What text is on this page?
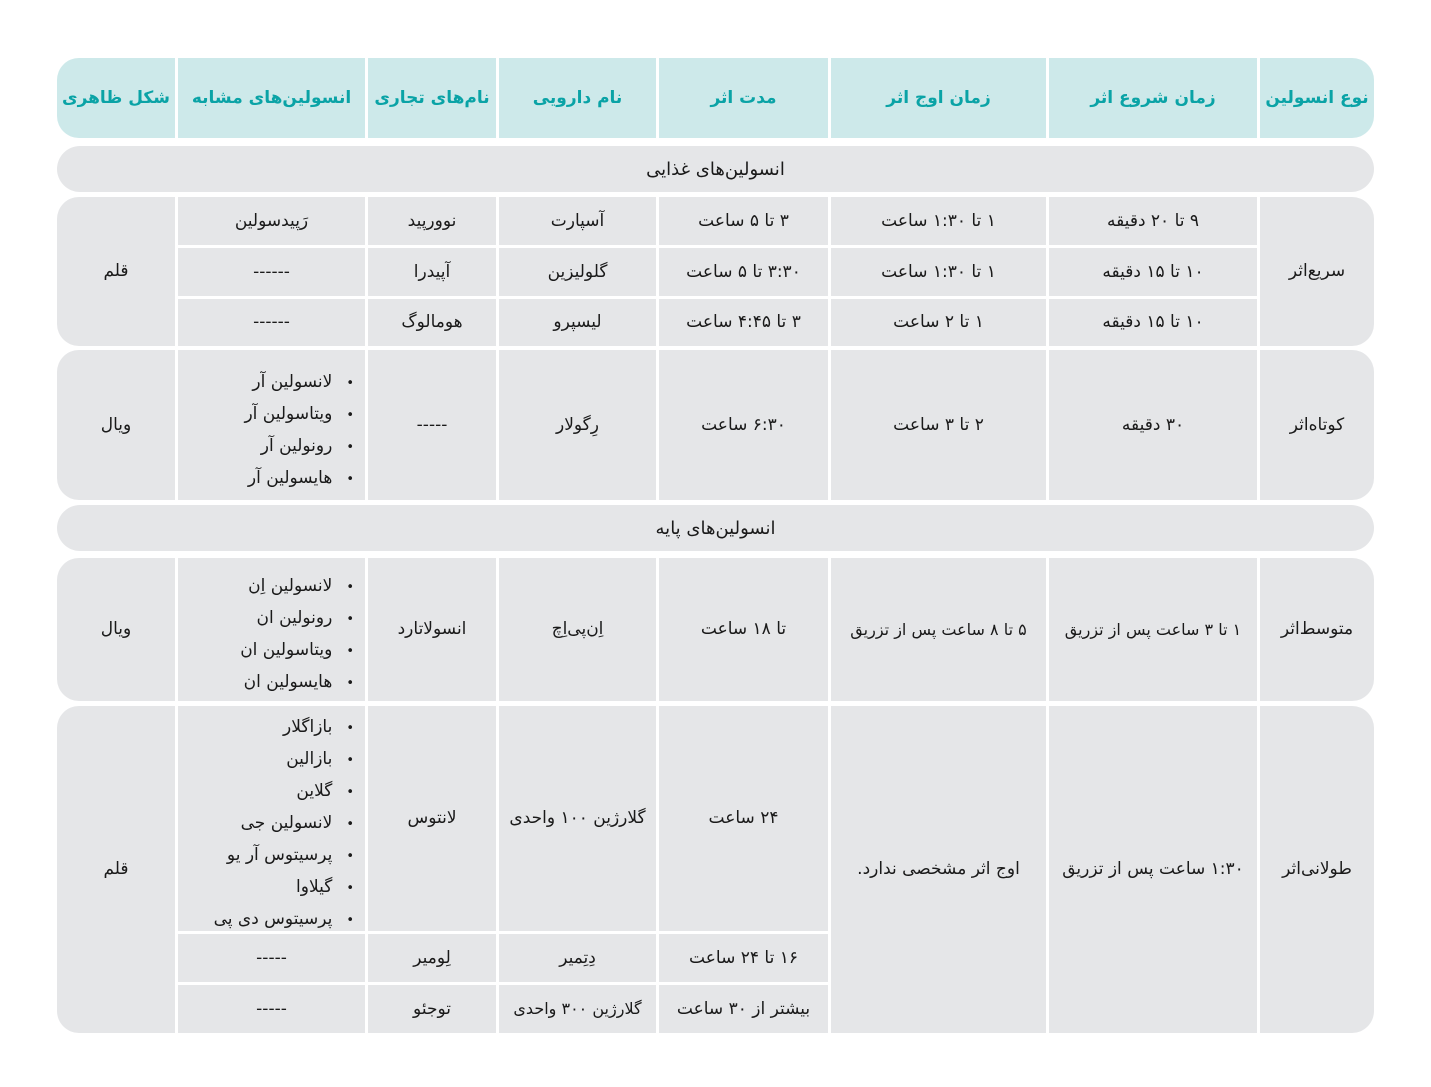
نوع انسولین
زمان شروع اثر
زمان اوج اثر
مدت اثر
نام دارویی
نام‌های تجاری
انسولین‌های مشابه
شکل ظاهری
انسولین‌های غذایی
سریع‌اثر
قلم
۹ تا ۲۰ دقیقه
۱ تا ۱:۳۰ ساعت
۳ تا ۵ ساعت
آسپارت
نوورپید
رَپیدسولین
۱۰ تا ۱۵ دقیقه
۱ تا ۱:۳۰ ساعت
۳:۳۰ تا ۵ ساعت
گلولیزین
آپیدرا
------
۱۰ تا ۱۵ دقیقه
۱ تا ۲ ساعت
۳ تا ۴:۴۵ ساعت
لیسپرو
هومالوگ
------
کوتاه‌اثر
۳۰ دقیقه
۲ تا ۳ ساعت
۶:۳۰ ساعت
رِگولار
-----
• لانسولین آر
• ویتاسولین آر
• رونولین آر
• هایسولین آر
ویال
انسولین‌های پایه
متوسط‌اثر
۱ تا ۳ ساعت پس از تزریق
۵ تا ۸ ساعت پس از تزریق
تا ۱۸ ساعت
اِن‌پی‌اِچ
انسولاتارد
• لانسولین اِن
• رونولین ان
• ویتاسولین ان
• هایسولین ان
ویال
طولانی‌اثر
۱:۳۰ ساعت پس از تزریق
اوج اثر مشخصی ندارد.
قلم
۲۴ ساعت
گلارژین ۱۰۰ واحدی
لانتوس
• بازاگلار
• بازالین
• گلاین
• لانسولین جی
• پرسیتوس آر یو
• گیلاوا
• پرسیتوس دی پی
۱۶ تا ۲۴ ساعت
دِتِمیر
لِومیر
-----
بیشتر از ۳۰ ساعت
گلارژین ۳۰۰ واحدی
توجئو
-----
